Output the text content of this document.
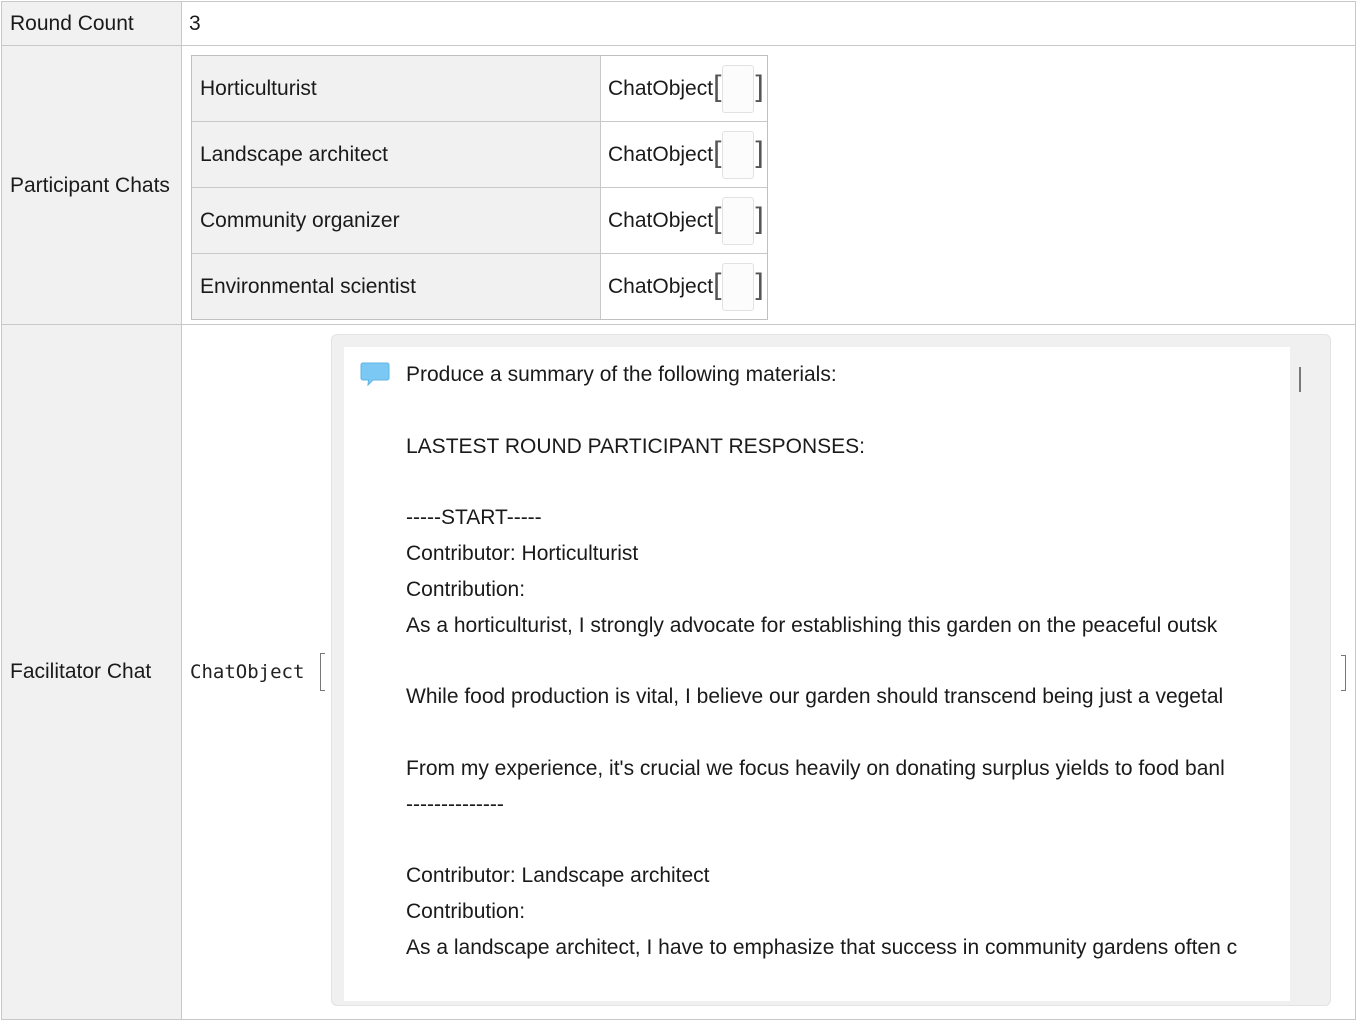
Round Count	3
Participant Chats
Horticulturist	ChatObject [ ]
Landscape architect	ChatObject [ ]
Community organizer	ChatObject [ ]
Environmental scientist	ChatObject [ ]
Facilitator Chat	ChatObject
Produce a summary of the following materials:

LASTEST ROUND PARTICIPANT RESPONSES:

-----START-----
Contributor: Horticulturist
Contribution:
As a horticulturist, I strongly advocate for establishing this garden on the peaceful outsk

While food production is vital, I believe our garden should transcend being just a vegetal

From my experience, it's crucial we focus heavily on donating surplus yields to food banl
--------------

Contributor: Landscape architect
Contribution:
As a landscape architect, I have to emphasize that success in community gardens often c
